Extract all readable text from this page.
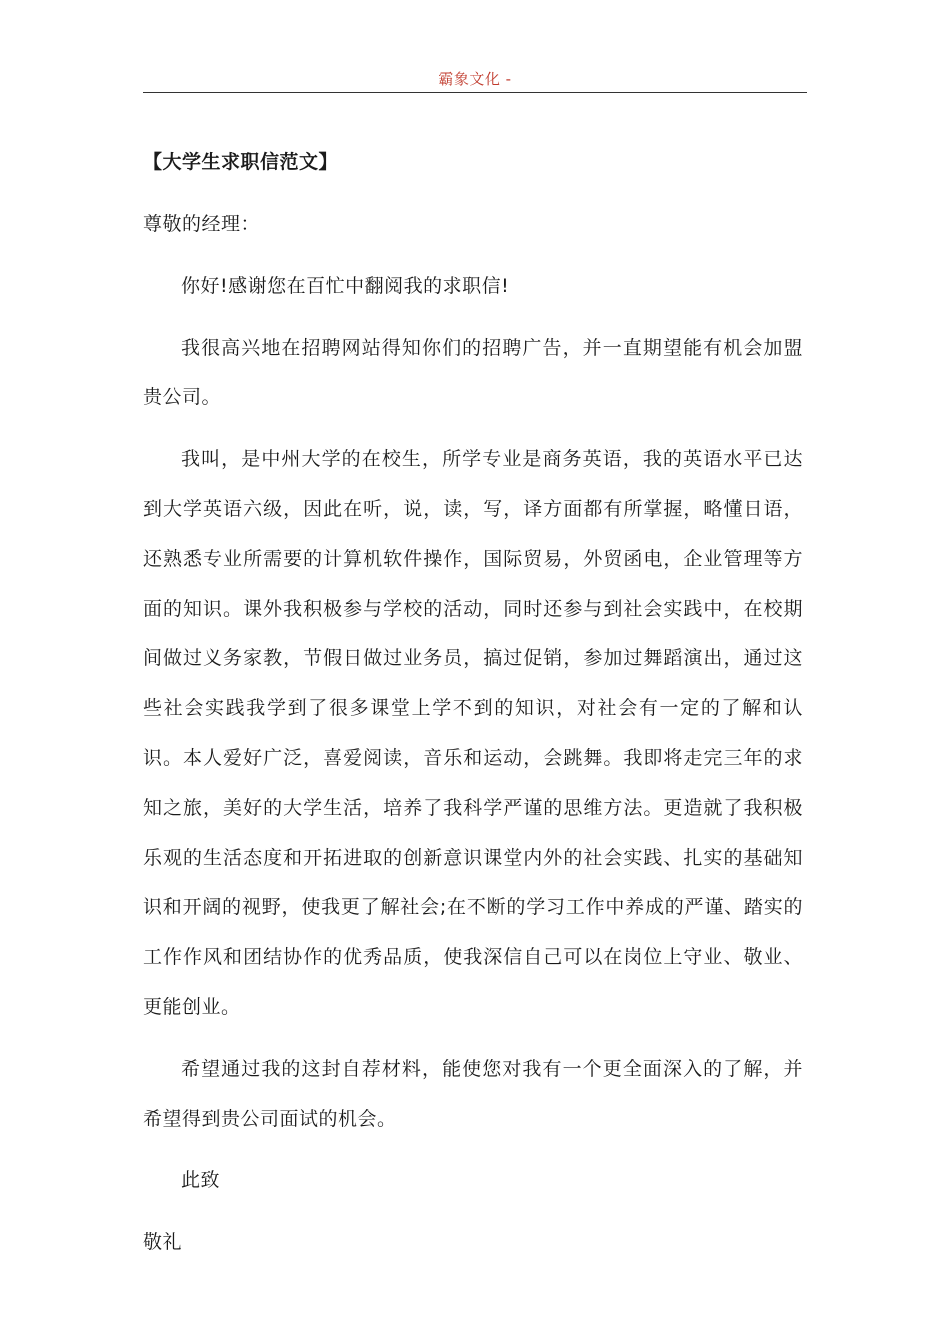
霸象文化 -
【大学生求职信范文】

尊敬的经理：

你好!感谢您在百忙中翻阅我的求职信!

我很高兴地在招聘网站得知你们的招聘广告，并一直期望能有机会加盟贵公司。

我叫，是中州大学的在校生，所学专业是商务英语，我的英语水平已达到大学英语六级，因此在听，说，读，写，译方面都有所掌握，略懂日语，还熟悉专业所需要的计算机软件操作，国际贸易，外贸函电，企业管理等方面的知识。课外我积极参与学校的活动，同时还参与到社会实践中，在校期间做过义务家教，节假日做过业务员，搞过促销，参加过舞蹈演出，通过这些社会实践我学到了很多课堂上学不到的知识，对社会有一定的了解和认识。本人爱好广泛，喜爱阅读，音乐和运动，会跳舞。我即将走完三年的求知之旅，美好的大学生活，培养了我科学严谨的思维方法。更造就了我积极乐观的生活态度和开拓进取的创新意识课堂内外的社会实践、扎实的基础知识和开阔的视野，使我更了解社会;在不断的学习工作中养成的严谨、踏实的工作作风和团结协作的优秀品质，使我深信自己可以在岗位上守业、敬业、更能创业。

希望通过我的这封自荐材料，能使您对我有一个更全面深入的了解，并希望得到贵公司面试的机会。

此致

敬礼
